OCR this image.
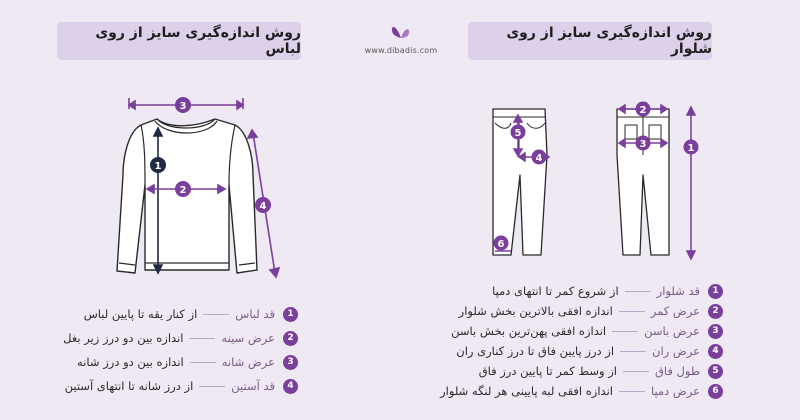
روش اندازه‌گیری سایز از روی لباس
روش اندازه‌گیری سایز از روی شلوار
www.dibadis.com
1
2
3
4
2
3	1
5
4
6
1
قد لباس
از کنار یقه تا پایین لباس
2
عرض سینه
اندازه بین دو درز زیر بغل
3
عرض شانه
اندازه بین دو درز شانه
4
قد آستین
از درز شانه تا انتهای آستین
1
قد شلوار
از شروع کمر تا انتهای دمپا
2
عرض کمر
اندازه افقی بالاترین بخش شلوار
3
عرض باسن
اندازه افقی پهن‌ترین بخش باسن
4
عرض ران
از درز پایین فاق تا درز کناری ران
5
طول فاق
از وسط کمر تا پایین درز فاق
6
عرض دمپا
اندازه افقی لبه پایینی هر لنگه شلوار
